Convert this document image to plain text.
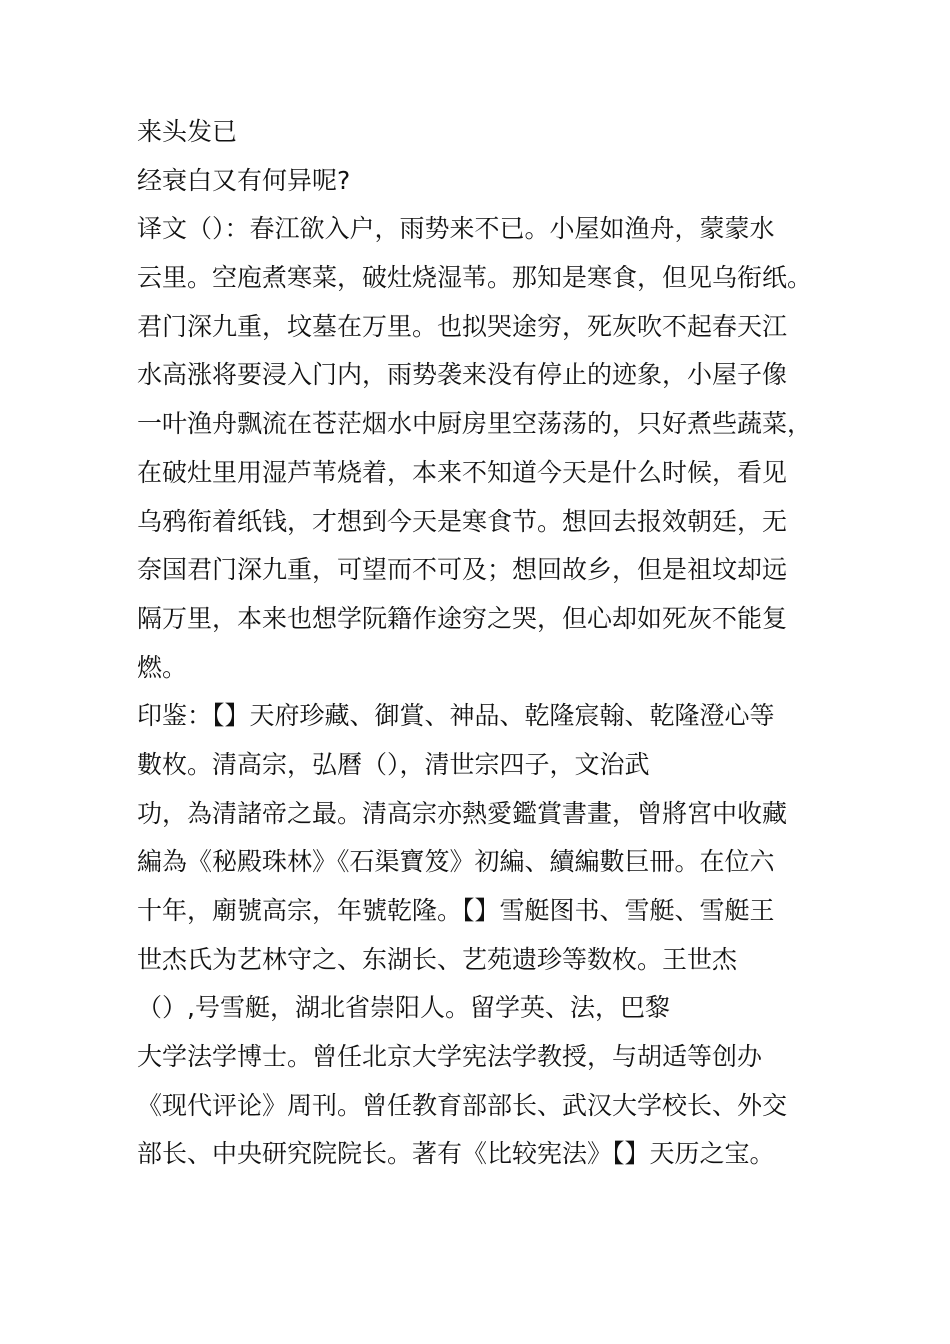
来头发已
经衰白又有何异呢?
译文（）：春江欲入户，雨势来不已。小屋如渔舟，蒙蒙水
云里。空庖煮寒菜，破灶烧湿苇。那知是寒食，但见乌衔纸。
君门深九重，坟墓在万里。也拟哭途穷，死灰吹不起春天江
水高涨将要浸入门内，雨势袭来没有停止的迹象，小屋子像
一叶渔舟飘流在苍茫烟水中厨房里空荡荡的，只好煮些蔬菜，
在破灶里用湿芦苇烧着，本来不知道今天是什么时候，看见
乌鸦衔着纸钱，才想到今天是寒食节。想回去报效朝廷，无
奈国君门深九重，可望而不可及；想回故乡，但是祖坟却远
隔万里，本来也想学阮籍作途穷之哭，但心却如死灰不能复
燃。
印鉴：【】天府珍藏、御賞、神品、乾隆宸翰、乾隆澄心等
數枚。清高宗，弘曆（），清世宗四子，文治武
功，為清諸帝之最。清高宗亦熱愛鑑賞書畫，曾將宮中收藏
編為《秘殿珠林》《石渠寶笈》初編、續編數巨冊。在位六
十年，廟號高宗，年號乾隆。【】雪艇图书、雪艇、雪艇王
世杰氏为艺林守之、东湖长、艺苑遗珍等数枚。王世杰
（）,号雪艇，湖北省崇阳人。留学英、法，巴黎
大学法学博士。曾任北京大学宪法学教授，与胡适等创办
《现代评论》周刊。曾任教育部部长、武汉大学校长、外交
部长、中央研究院院长。著有《比较宪法》【】天历之宝。
